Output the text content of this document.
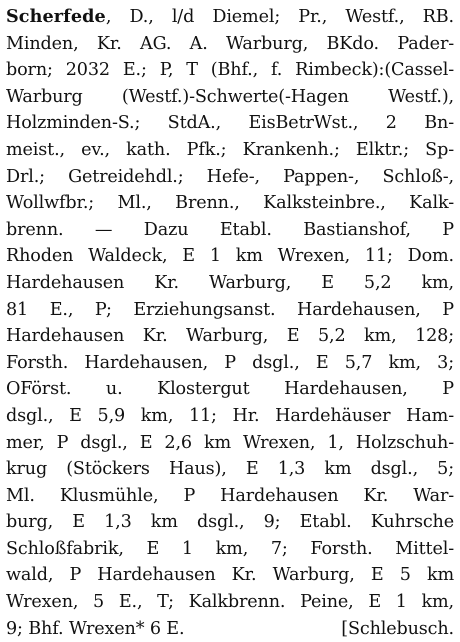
Scherfede, D., l/d Diemel; Pr., Westf., RB.
Minden, Kr. AG. A. Warburg, BKdo. Pader-
born; 2032 E.; P, T (Bhf., f. Rimbeck):(Cassel-
Warburg (Westf.)-Schwerte(-Hagen Westf.),
Holzminden-S.; StdA., EisBetrWst., 2 Bn-
meist., ev., kath. Pfk.; Krankenh.; Elktr.; Sp-
Drl.; Getreidehdl.; Hefe-, Pappen-, Schloß-,
Wollwfbr.; Ml., Brenn., Kalksteinbre., Kalk-
brenn. — Dazu Etabl. Bastianshof, P
Rhoden Waldeck, E 1 km Wrexen, 11; Dom.
Hardehausen Kr. Warburg, E 5,2 km,
81 E., P; Erziehungsanst. Hardehausen, P
Hardehausen Kr. Warburg, E 5,2 km, 128;
Forsth. Hardehausen, P dsgl., E 5,7 km, 3;
OFörst. u. Klostergut Hardehausen, P
dsgl., E 5,9 km, 11; Hr. Hardehäuser Ham-
mer, P dsgl., E 2,6 km Wrexen, 1, Holzschuh-
krug (Stöckers Haus), E 1,3 km dsgl., 5;
Ml. Klusmühle, P Hardehausen Kr. War-
burg, E 1,3 km dsgl., 9; Etabl. Kuhrsche
Schloßfabrik, E 1 km, 7; Forsth. Mittel-
wald, P Hardehausen Kr. Warburg, E 5 km
Wrexen, 5 E., T; Kalkbrenn. Peine, E 1 km,
9; Bhf. Wrexen* 6 E.	[Schlebusch.
